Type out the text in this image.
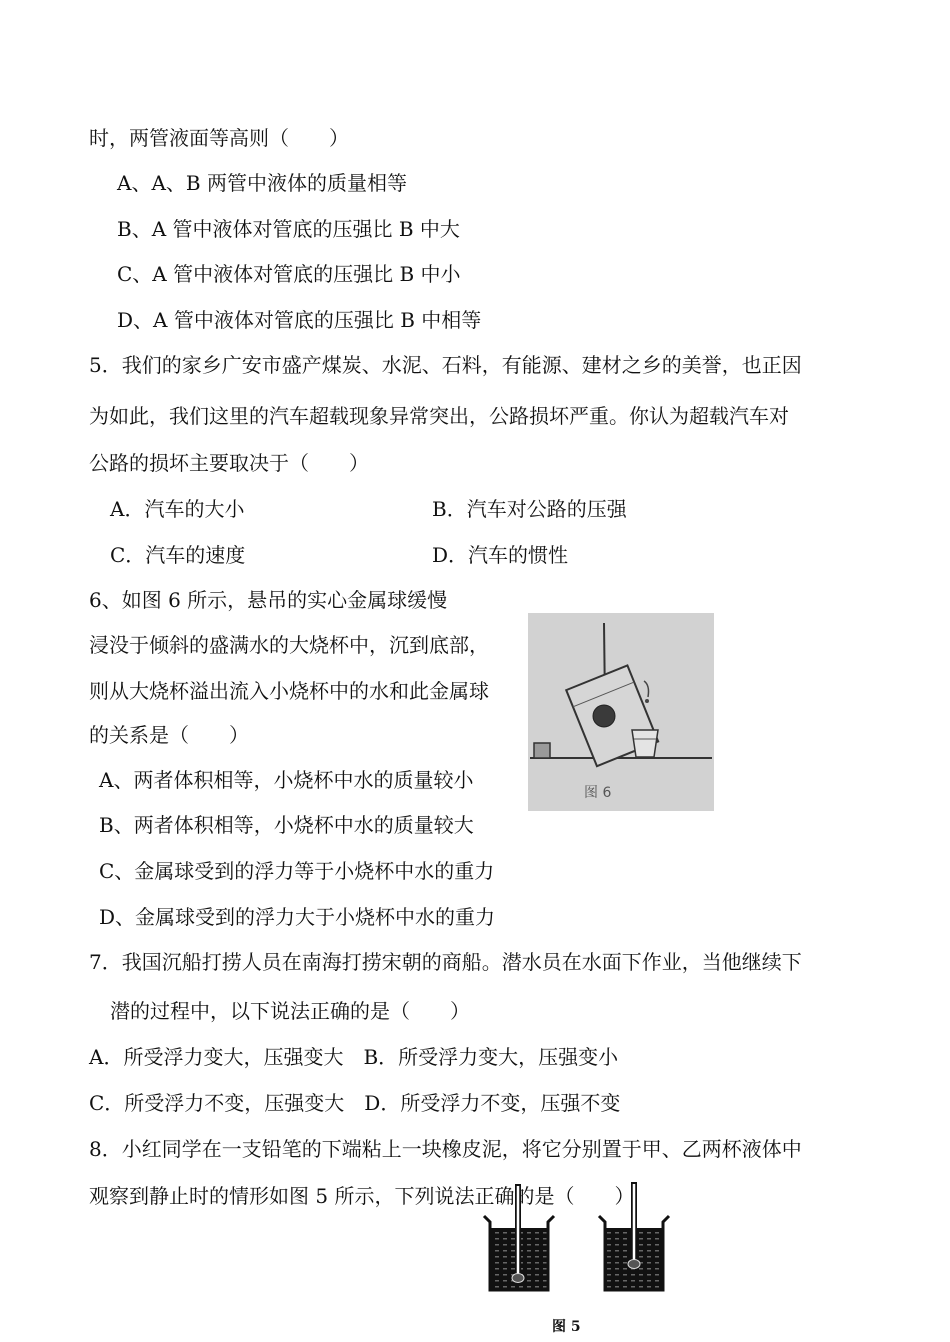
时，两管液面等高则（　　）
A、A、B 两管中液体的质量相等
B、A 管中液体对管底的压强比 B 中大
C、A 管中液体对管底的压强比 B 中小
D、A 管中液体对管底的压强比 B 中相等
5．我们的家乡广安市盛产煤炭、水泥、石料，有能源、建材之乡的美誉，也正因
为如此，我们这里的汽车超载现象异常突出，公路损坏严重。你认为超载汽车对
公路的损坏主要取决于（　　）
A．汽车的大小	B．汽车对公路的压强
C．汽车的速度	D．汽车的惯性
6、如图 6 所示，悬吊的实心金属球缓慢
浸没于倾斜的盛满水的大烧杯中，沉到底部，
则从大烧杯溢出流入小烧杯中的水和此金属球
的关系是（　　）
A、两者体积相等，小烧杯中水的质量较小
B、两者体积相等，小烧杯中水的质量较大
C、金属球受到的浮力等于小烧杯中水的重力
D、金属球受到的浮力大于小烧杯中水的重力
图 6
7．我国沉船打捞人员在南海打捞宋朝的商船。潜水员在水面下作业，当他继续下
潜的过程中，以下说法正确的是（　　）
A．所受浮力变大，压强变大　B．所受浮力变大，压强变小
C．所受浮力不变，压强变大　D．所受浮力不变，压强不变
8．小红同学在一支铅笔的下端粘上一块橡皮泥，将它分别置于甲、乙两杯液体中
观察到静止时的情形如图 5 所示，下列说法正确的是（　　）
图 5
